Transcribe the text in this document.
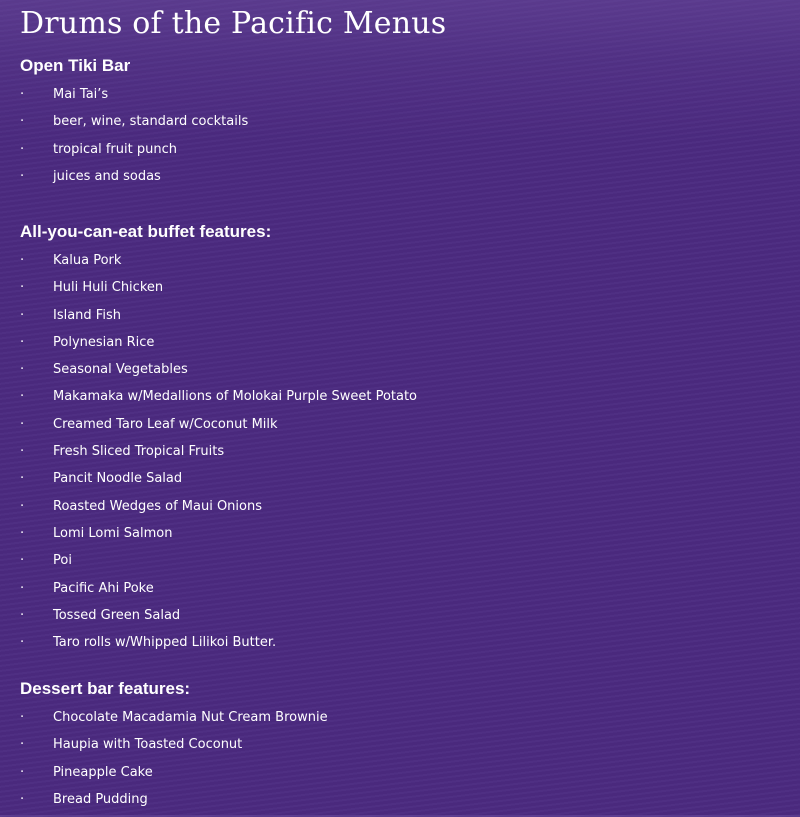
Drums of the Pacific Menus
Open Tiki Bar
· Mai Tai’s
· beer, wine, standard cocktails
· tropical fruit punch
· juices and sodas
All-you-can-eat buffet features:
· Kalua Pork
· Huli Huli Chicken
· Island Fish
· Polynesian Rice
· Seasonal Vegetables
· Makamaka w/Medallions of Molokai Purple Sweet Potato
· Creamed Taro Leaf w/Coconut Milk
· Fresh Sliced Tropical Fruits
· Pancit Noodle Salad
· Roasted Wedges of Maui Onions
· Lomi Lomi Salmon
· Poi
· Pacific Ahi Poke
· Tossed Green Salad
· Taro rolls w/Whipped Lilikoi Butter.
Dessert bar features:
· Chocolate Macadamia Nut Cream Brownie
· Haupia with Toasted Coconut
· Pineapple Cake
· Bread Pudding
